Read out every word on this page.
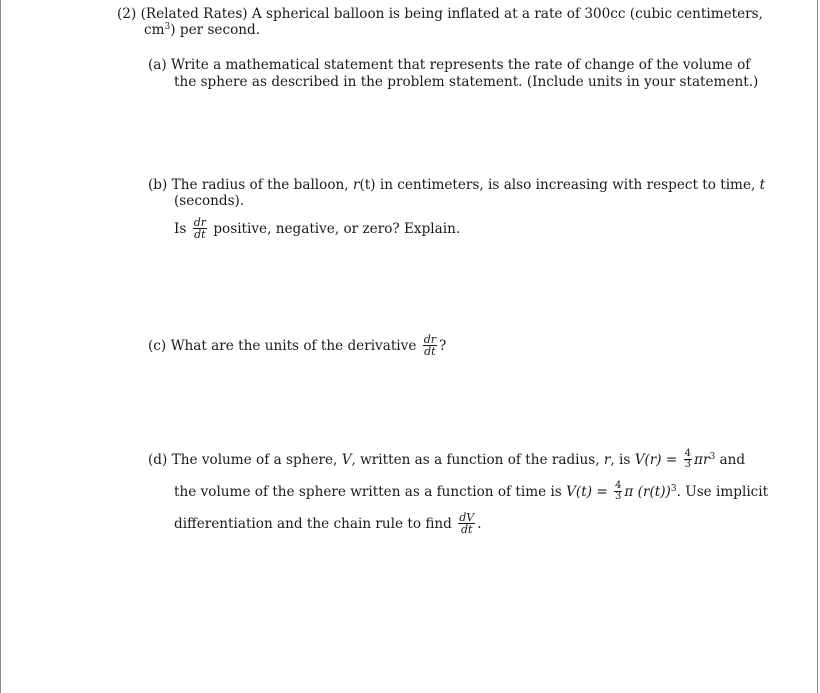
(2) (Related Rates) A spherical balloon is being inflated at a rate of 300cc (cubic centimeters,
$cm^3$) per second.
(a) Write a mathematical statement that represents the rate of change of the volume of
the sphere as described in the problem statement. (Include units in your statement.)
(b) The radius of the balloon, r(t) in centimeters, is also increasing with respect to time, t
(seconds).
Is $\frac{dr}{dt}$ positive, negative, or zero? Explain.
(c) What are the units of the derivative $\frac{dr}{dt}$ ?
(d) The volume of a sphere, V, written as a function of the radius, r, is $V(r) = \frac{4}{3} \pi r^3$ and
the volume of the sphere written as a function of time is $V(t) = \frac{4}{3}$ π $(r(t))^3$. Use implicit
differentiation and the chain rule to find $\frac{dV}{dt}$ .
